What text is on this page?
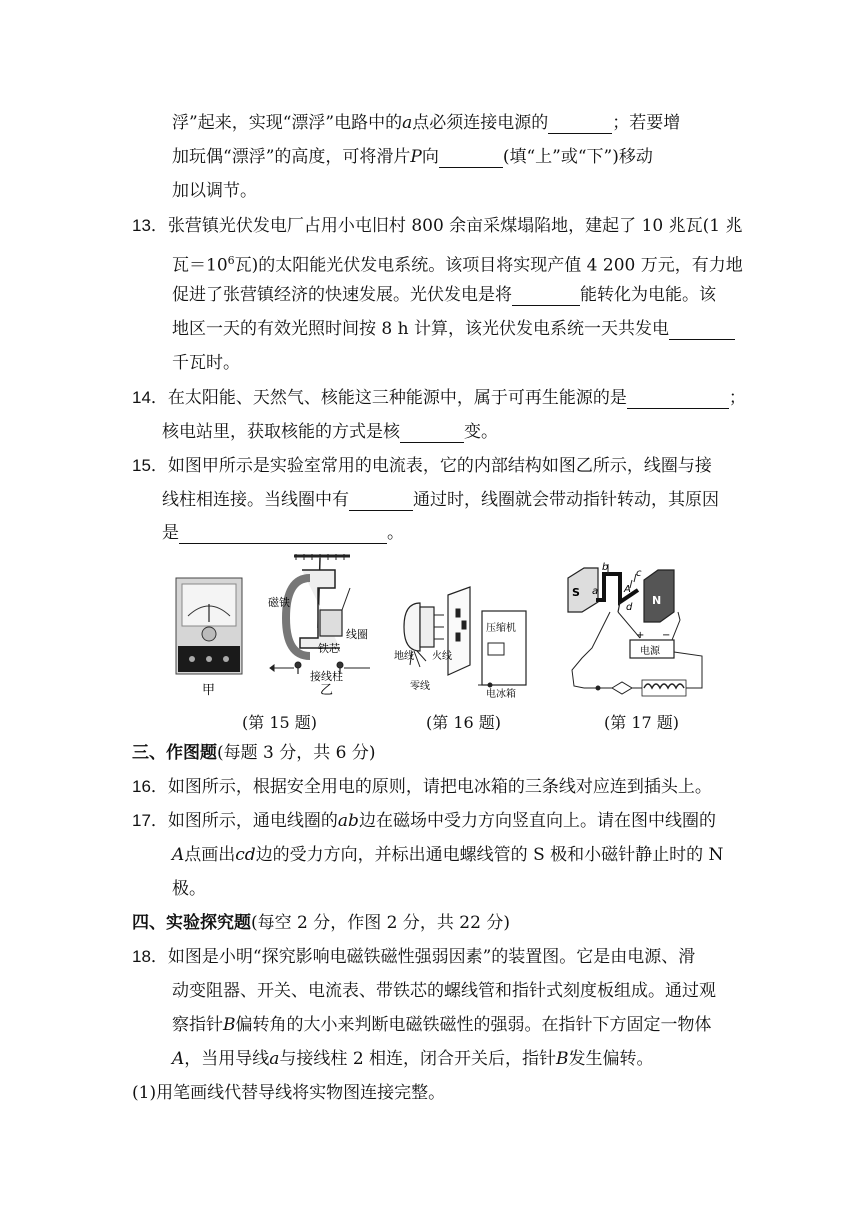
浮”起来，实现“漂浮”电路中的a点必须连接电源的	；若要增
加玩偶“漂浮”的高度，可将滑片P向	(填“上”或“下”)移动
加以调节。
13．张营镇光伏发电厂占用小屯旧村 800 余亩采煤塌陷地，建起了 10 兆瓦(1 兆
瓦$=10^6$瓦)的太阳能光伏发电系统。该项目将实现产值 4 200 万元，有力地
促进了张营镇经济的快速发展。光伏发电是将	能转化为电能。该
地区一天的有效光照时间按 8 h 计算，该光伏发电系统一天共发电
千瓦时。
14．在太阳能、天然气、核能这三种能源中，属于可再生能源的是	；
核电站里，获取核能的方式是核	变。
15．如图甲所示是实验室常用的电流表，它的内部结构如图乙所示，线圈与接
线柱相连接。当线圈中有	通过时，线圈就会带动指针转动，其原因
是	。
甲
磁铁
线圈
铁芯
接线柱
乙
地线 火线
零线
压缩机
电冰箱
S
N
b
c
a
d
A
+ −
电源
(第 15 题)	(第 16 题)	(第 17 题)
三、作图题(每题 3 分，共 6 分)
16．如图所示，根据安全用电的原则，请把电冰箱的三条线对应连到插头上。
17．如图所示，通电线圈的ab边在磁场中受力方向竖直向上。请在图中线圈的
A点画出cd边的受力方向，并标出通电螺线管的 S 极和小磁针静止时的 N
极。
四、实验探究题(每空 2 分，作图 2 分，共 22 分)
18．如图是小明“探究影响电磁铁磁性强弱因素”的装置图。它是由电源、滑
动变阻器、开关、电流表、带铁芯的螺线管和指针式刻度板组成。通过观
察指针B偏转角的大小来判断电磁铁磁性的强弱。在指针下方固定一物体
A，当用导线a与接线柱 2 相连，闭合开关后，指针B发生偏转。
(1)用笔画线代替导线将实物图连接完整。
